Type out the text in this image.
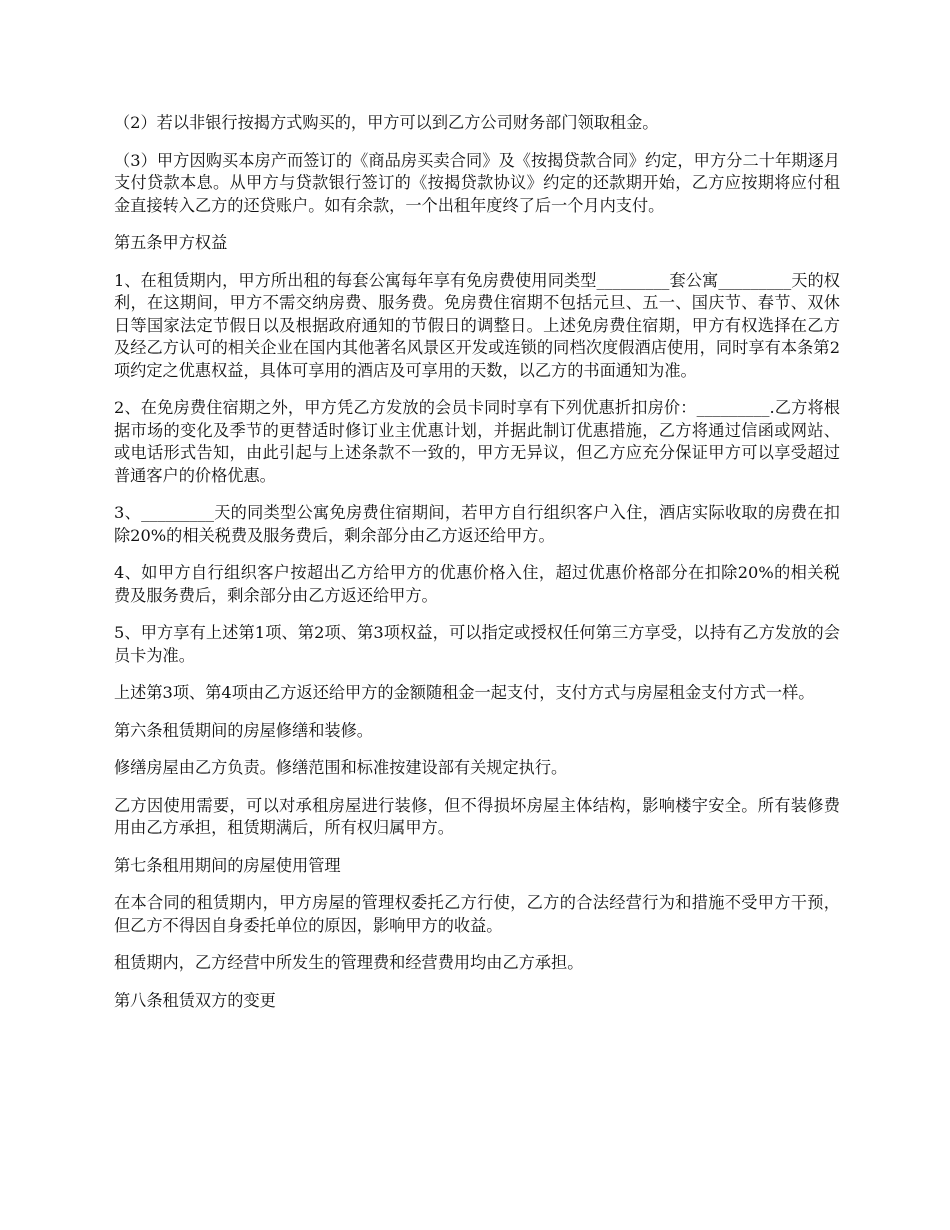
（2）若以非银行按揭方式购买的，甲方可以到乙方公司财务部门领取租金。

（3）甲方因购买本房产而签订的《商品房买卖合同》及《按揭贷款合同》约定，甲方分二十年期逐月支付贷款本息。从甲方与贷款银行签订的《按揭贷款协议》约定的还款期开始，乙方应按期将应付租金直接转入乙方的还贷账户。如有余款，一个出租年度终了后一个月内支付。

第五条甲方权益

1、在租赁期内，甲方所出租的每套公寓每年享有免房费使用同类型_________套公寓_________天的权利，在这期间，甲方不需交纳房费、服务费。免房费住宿期不包括元旦、五一、国庆节、春节、双休日等国家法定节假日以及根据政府通知的节假日的调整日。上述免房费住宿期，甲方有权选择在乙方及经乙方认可的相关企业在国内其他著名风景区开发或连锁的同档次度假酒店使用，同时享有本条第2项约定之优惠权益，具体可享用的酒店及可享用的天数，以乙方的书面通知为准。

2、在免房费住宿期之外，甲方凭乙方发放的会员卡同时享有下列优惠折扣房价：_________.乙方将根据市场的变化及季节的更替适时修订业主优惠计划，并据此制订优惠措施，乙方将通过信函或网站、或电话形式告知，由此引起与上述条款不一致的，甲方无异议，但乙方应充分保证甲方可以享受超过普通客户的价格优惠。

3、_________天的同类型公寓免房费住宿期间，若甲方自行组织客户入住，酒店实际收取的房费在扣除20%的相关税费及服务费后，剩余部分由乙方返还给甲方。

4、如甲方自行组织客户按超出乙方给甲方的优惠价格入住，超过优惠价格部分在扣除20%的相关税费及服务费后，剩余部分由乙方返还给甲方。

5、甲方享有上述第1项、第2项、第3项权益，可以指定或授权任何第三方享受，以持有乙方发放的会员卡为准。

上述第3项、第4项由乙方返还给甲方的金额随租金一起支付，支付方式与房屋租金支付方式一样。

第六条租赁期间的房屋修缮和装修。

修缮房屋由乙方负责。修缮范围和标准按建设部有关规定执行。

乙方因使用需要，可以对承租房屋进行装修，但不得损坏房屋主体结构，影响楼宇安全。所有装修费用由乙方承担，租赁期满后，所有权归属甲方。

第七条租用期间的房屋使用管理

在本合同的租赁期内，甲方房屋的管理权委托乙方行使，乙方的合法经营行为和措施不受甲方干预，但乙方不得因自身委托单位的原因，影响甲方的收益。

租赁期内，乙方经营中所发生的管理费和经营费用均由乙方承担。

第八条租赁双方的变更
